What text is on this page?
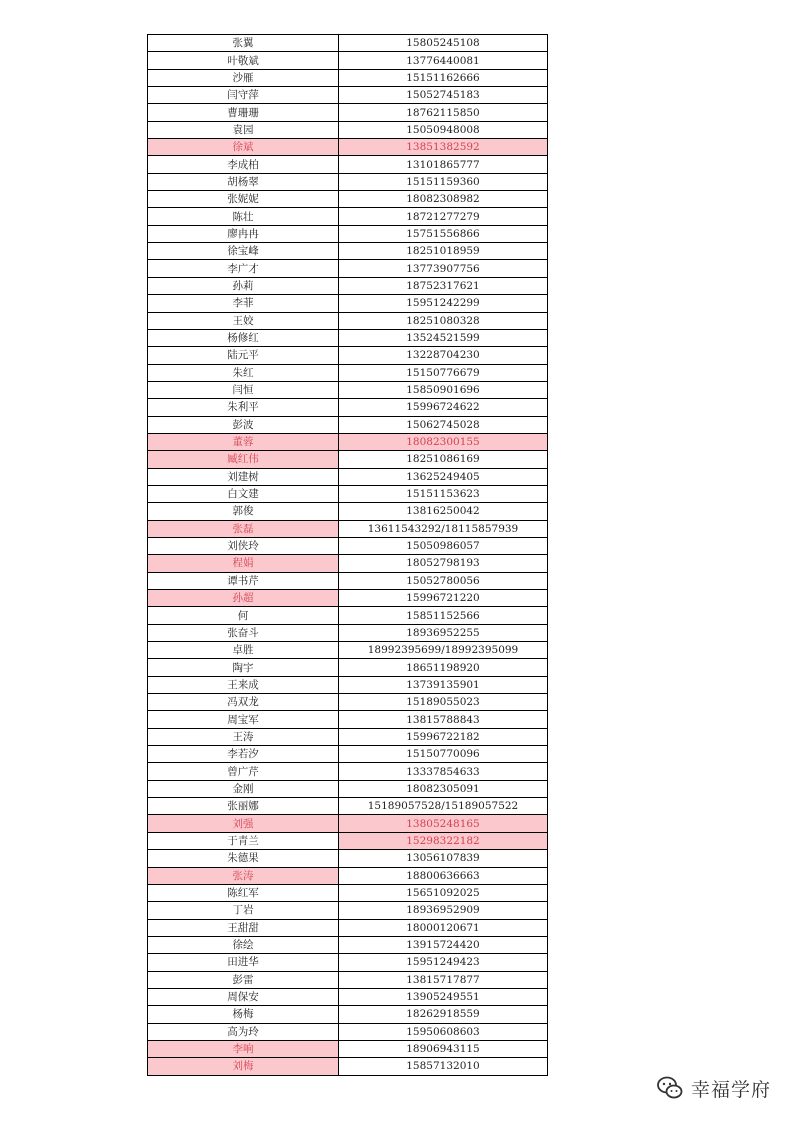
张翼	15805245108
叶敬斌	13776440081
沙雁	15151162666
闫守萍	15052745183
曹珊珊	18762115850
袁园	15050948008
徐斌	13851382592
李成柏	13101865777
胡杨翠	15151159360
张妮妮	18082308982
陈壮	18721277279
廖冉冉	15751556866
徐宝峰	18251018959
李广才	13773907756
孙莉	18752317621
李菲	15951242299
王姣	18251080328
杨修红	13524521599
陆元平	13228704230
朱红	15150776679
闫恒	15850901696
朱利平	15996724622
彭波	15062745028
董蓉	18082300155
臧红伟	18251086169
刘建树	13625249405
白文建	15151153623
郭俊	13816250042
张磊	13611543292/18115857939
刘侠玲	15050986057
程娟	18052798193
谭书芹	15052780056
孙超	15996721220
何	15851152566
张奋斗	18936952255
卓胜	18992395699/18992395099
陶宇	18651198920
王来成	13739135901
冯双龙	15189055023
周宝军	13815788843
王涛	15996722182
李若汐	15150770096
曾广芹	13337854633
金刚	18082305091
张丽娜	15189057528/15189057522
刘强	13805248165
于青兰	15298322182
朱德果	13056107839
张涛	18800636663
陈红军	15651092025
丁岩	18936952909
王甜甜	18000120671
徐绘	13915724420
田进华	15951249423
彭雷	13815717877
周保安	13905249551
杨梅	18262918559
高为玲	15950608603
李响	18906943115
刘梅	15857132010
幸福学府
